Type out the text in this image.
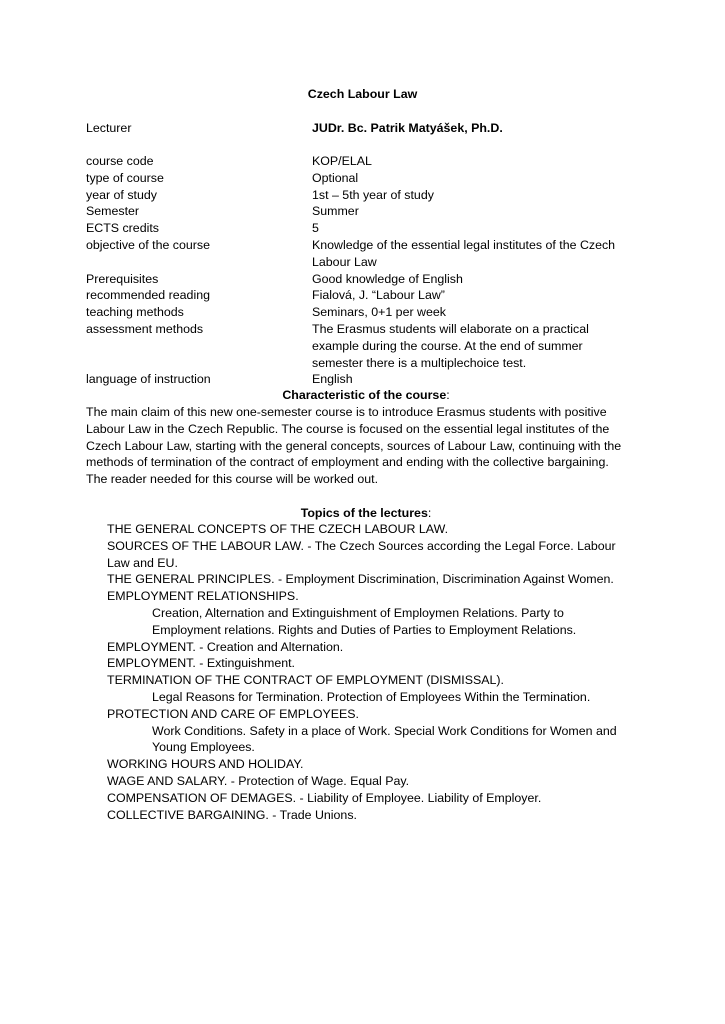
Czech Labour Law
Lecturer	JUDr. Bc. Patrik Matyášek, Ph.D.
course code	KOP/ELAL
type of course	Optional
year of study	1st – 5th year of study
Semester	Summer
ECTS credits	5
objective of the course	Knowledge of the essential legal institutes of the Czech Labour Law
Prerequisites	Good knowledge of English
recommended reading	Fialová, J. “Labour Law”
teaching methods	Seminars, 0+1 per week
assessment methods	The Erasmus students will elaborate on a practical example during the course. At the end of summer semester there is a multiplechoice test.
language of instruction	English
Characteristic of the course:
The main claim of this new one-semester course is to introduce Erasmus students with positive Labour Law in the Czech Republic. The course is focused on the essential legal institutes of the Czech Labour Law, starting with the general concepts, sources of Labour Law, continuing with the methods of termination of the contract of employment and ending with the collective bargaining.
The reader needed for this course will be worked out.
Topics of the lectures:
THE GENERAL CONCEPTS OF THE CZECH LABOUR LAW.
SOURCES OF THE LABOUR LAW. - The Czech Sources according the Legal Force. Labour Law and EU.
THE GENERAL PRINCIPLES. - Employment Discrimination, Discrimination Against Women.
EMPLOYMENT RELATIONSHIPS.
Creation, Alternation and Extinguishment of Employmen Relations. Party to Employment relations. Rights and Duties of Parties to Employment Relations.
EMPLOYMENT. - Creation and Alternation.
EMPLOYMENT. - Extinguishment.
TERMINATION OF THE CONTRACT OF EMPLOYMENT (DISMISSAL).
Legal Reasons for Termination. Protection of Employees Within the Termination.
PROTECTION AND CARE OF EMPLOYEES.
Work Conditions. Safety in a place of Work. Special Work Conditions for Women and Young Employees.
WORKING HOURS AND HOLIDAY.
WAGE AND SALARY. - Protection of Wage. Equal Pay.
COMPENSATION OF DEMAGES. - Liability of Employee. Liability of Employer.
COLLECTIVE BARGAINING. - Trade Unions.
